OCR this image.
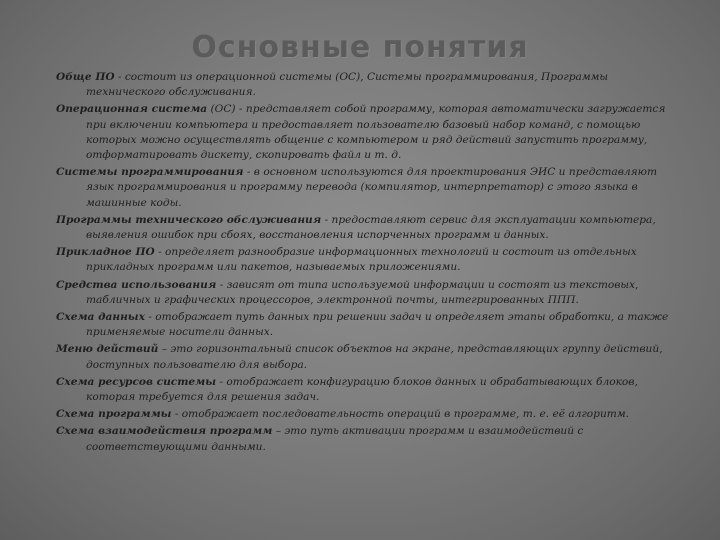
Основные понятия
Обще ПО - состоит из операционной системы (ОС), Системы программирования, Программы технического обслуживания.
Операционная система (ОС) - представляет собой программу, которая автоматически загружается при включении компьютера и предоставляет пользователю базовый набор команд, с помощью которых можно осуществлять общение с компьютером и ряд действий запустить программу, отформатировать дискету, скопировать файл и т. д.
Системы программирования - в основном используются для проектирования ЭИС и представляют язык программирования и программу перевода (компилятор, интерпретатор) с этого языка в машинные коды.
Программы технического обслуживания - предоставляют сервис для эксплуатации компьютера, выявления ошибок при сбоях, восстановления испорченных программ и данных.
Прикладное ПО - определяет разнообразие информационных технологий и состоит из отдельных прикладных программ или пакетов, называемых приложениями.
Средства использования - зависят от типа используемой информации и состоят из текстовых, табличных и графических процессоров, электронной почты, интегрированных ППП.
Схема данных - отображает путь данных при решении задач и определяет этапы обработки, а также применяемые носители данных.
Меню действий – это горизонтальный список объектов на экране, представляющих группу действий, доступных пользователю для выбора.
Схема ресурсов системы - отображает конфигурацию блоков данных и обрабатывающих блоков, которая требуется для решения задач.
Схема программы - отображает последовательность операций в программе, т. е. её алгоритм.
Схема взаимодействия программ – это путь активации программ и взаимодействий с соответствующими данными.
